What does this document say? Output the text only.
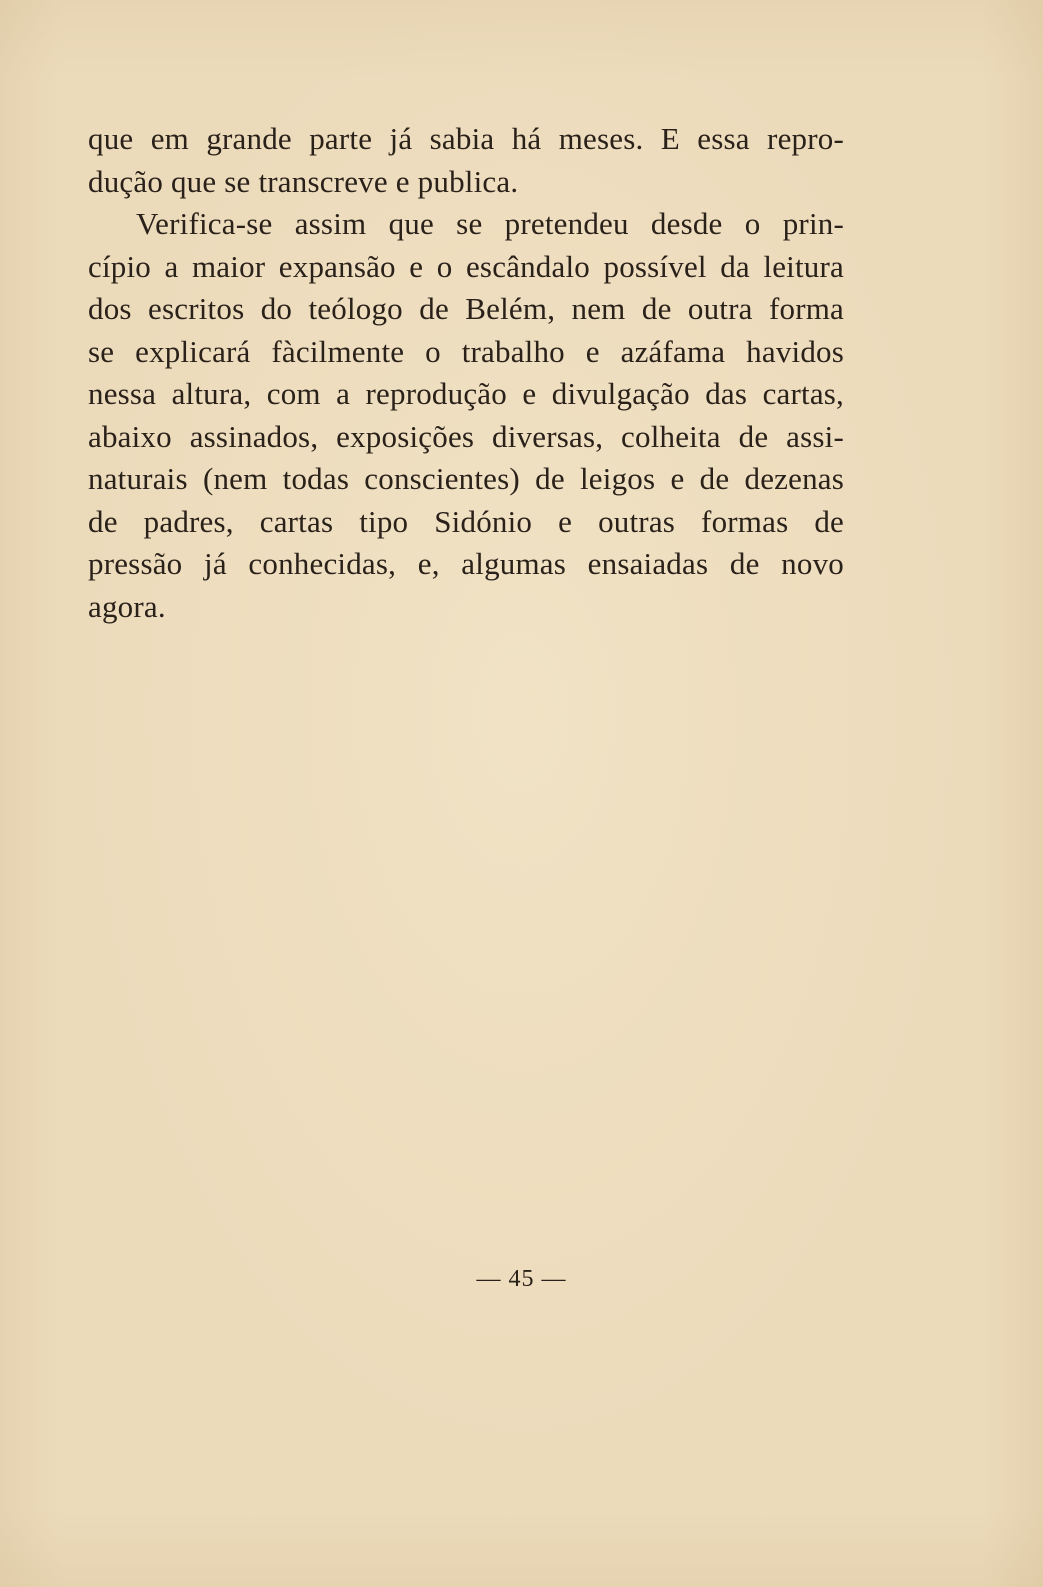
que em grande parte já sabia há meses. E essa repro-
dução que se transcreve e publica.
Verifica-se assim que se pretendeu desde o prin-
cípio a maior expansão e o escândalo possível da leitura
dos escritos do teólogo de Belém, nem de outra forma
se explicará fàcilmente o trabalho e azáfama havidos
nessa altura, com a reprodução e divulgação das cartas,
abaixo assinados, exposições diversas, colheita de assi-
naturais (nem todas conscientes) de leigos e de dezenas
de padres, cartas tipo Sidónio e outras formas de
pressão já conhecidas, e, algumas ensaiadas de novo
agora.
— 45 —
